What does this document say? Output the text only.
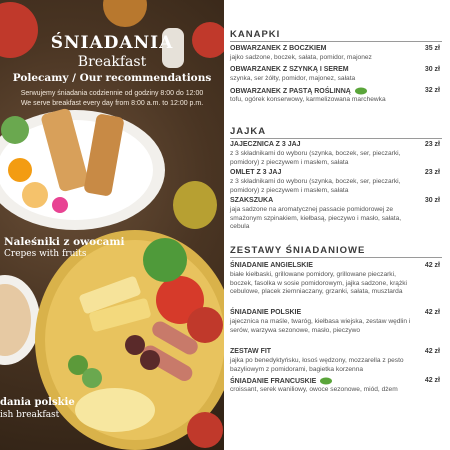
ŚNIADANIA
Breakfast
Polecamy / Our recommendations
Serwujemy śniadania codziennie od godziny 8:00 do 12:00
We serve breakfast every day from 8:00 a.m. to 12:00 p.m.
Naleśniki z owocami
Crepes with fruits
dania polskie
ish breakfast
KANAPKI
OBWARZANEK Z BOCZKIEM	35 zł
jajko sadzone, boczek, sałata, pomidor, majonez
OBWARZANEK Z SZYNKĄ I SEREM	30 zł
szynka, ser żółty, pomidor, majonez, sałata
OBWARZANEK Z PASTĄ ROŚLINNĄ	32 zł
tofu, ogórek konserwowy, karmelizowana marchewka
JAJKA
JAJECZNICA Z 3 JAJ	23 zł
z 3 składnikami do wyboru (szynka, boczek, ser, pieczarki, pomidory) z pieczywem i masłem, sałata
OMLET Z 3 JAJ	23 zł
z 3 składnikami do wyboru (szynka, boczek, ser, pieczarki, pomidory) z pieczywem i masłem, sałata
SZAKSZUKA	30 zł
jaja sadzone na aromatycznej passacie pomidorowej ze smażonym szpinakiem, kiełbasą, pieczywo i masło, sałata, cebula
ZESTAWY ŚNIADANIOWE
ŚNIADANIE ANGIELSKIE	42 zł
białe kiełbaski, grillowane pomidory, grillowane pieczarki, boczek, fasolka w sosie pomidorowym, jajka sadzone, krążki cebulowe, placek ziemniaczany, grzanki, sałata, musztarda
ŚNIADANIE POLSKIE	42 zł
jajecznica na maśle, twaróg, kiełbasa wiejska, zestaw wędlin i serów, warzywa sezonowe, masło, pieczywo
ZESTAW FIT	42 zł
jajka po benedyktyńsku, łosoś wędzony, mozzarella z pesto bazyliowym z pomidorami, bagietka korzenna
ŚNIADANIE FRANCUSKIE	42 zł
croissant, serek waniliowy, owoce sezonowe, miód, dżem
